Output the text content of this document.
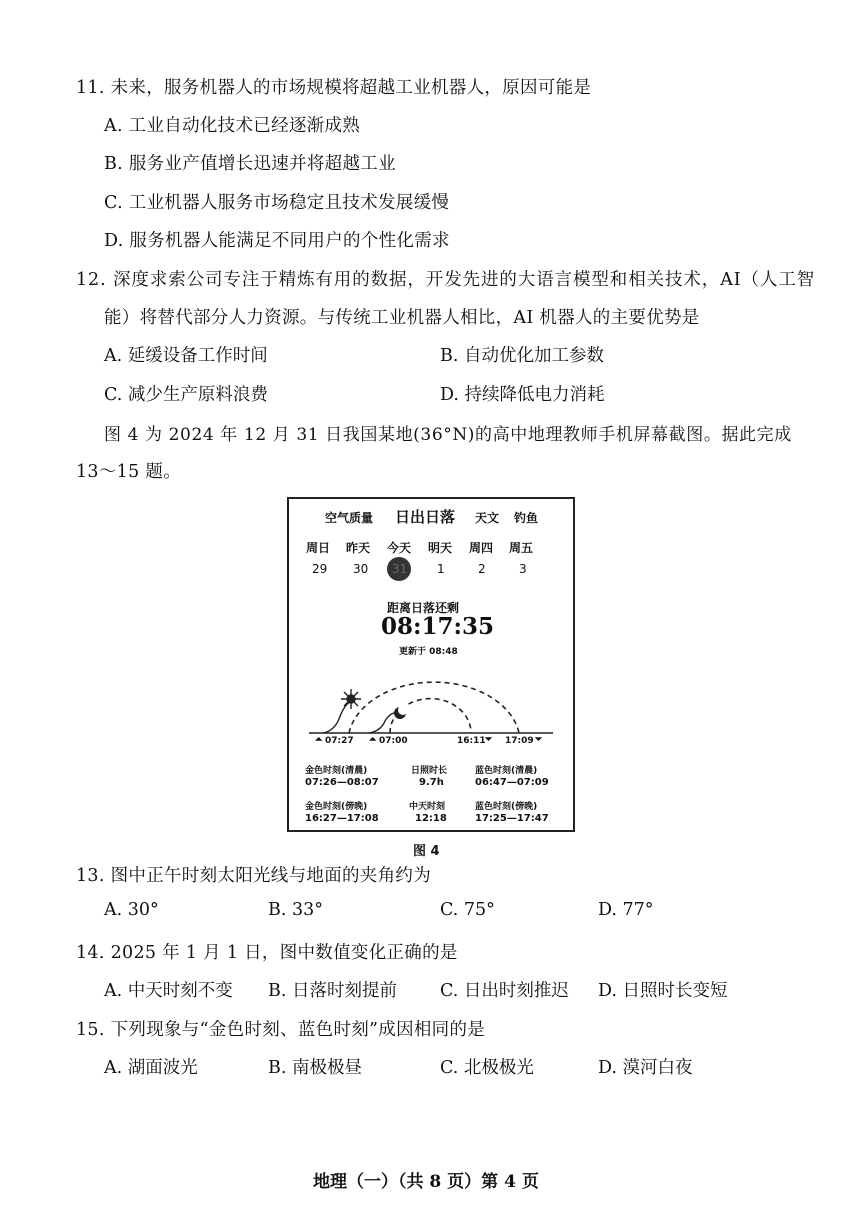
11. 未来，服务机器人的市场规模将超越工业机器人，原因可能是
A. 工业自动化技术已经逐渐成熟
B. 服务业产值增长迅速并将超越工业
C. 工业机器人服务市场稳定且技术发展缓慢
D. 服务机器人能满足不同用户的个性化需求
12. 深度求索公司专注于精炼有用的数据，开发先进的大语言模型和相关技术，AI（人工智
能）将替代部分人力资源。与传统工业机器人相比，AI 机器人的主要优势是
A. 延缓设备工作时间	B. 自动优化加工参数
C. 减少生产原料浪费	D. 持续降低电力消耗
图 4 为 2024 年 12 月 31 日我国某地(36°N)的高中地理教师手机屏幕截图。据此完成
13～15 题。
空气质量 日出日落 天文 钓鱼
周日 昨天 今天 明天 周四 周五
29 30 31 1	2	3
距离日落还剩
08:17:35
更新于 08:48
⏶ 07:27 ⏶ 07:00	16:11 ⏷ 17:09 ⏷
金色时刻(清晨)
07:26—08:07
日照时长
9.7h
蓝色时刻(清晨)
06:47—07:09
金色时刻(傍晚)
16:27—17:08
中天时刻
12:18
蓝色时刻(傍晚)
17:25—17:47
图 4
13. 图中正午时刻太阳光线与地面的夹角约为
A. 30°	B. 33°	C. 75°	D. 77°
14. 2025 年 1 月 1 日，图中数值变化正确的是
A. 中天时刻不变 B. 日落时刻提前 C. 日出时刻推迟 D. 日照时长变短
15. 下列现象与“金色时刻、蓝色时刻”成因相同的是
A. 湖面波光	B. 南极极昼	C. 北极极光	D. 漠河白夜
地理（一）（共 8 页）第 4 页
